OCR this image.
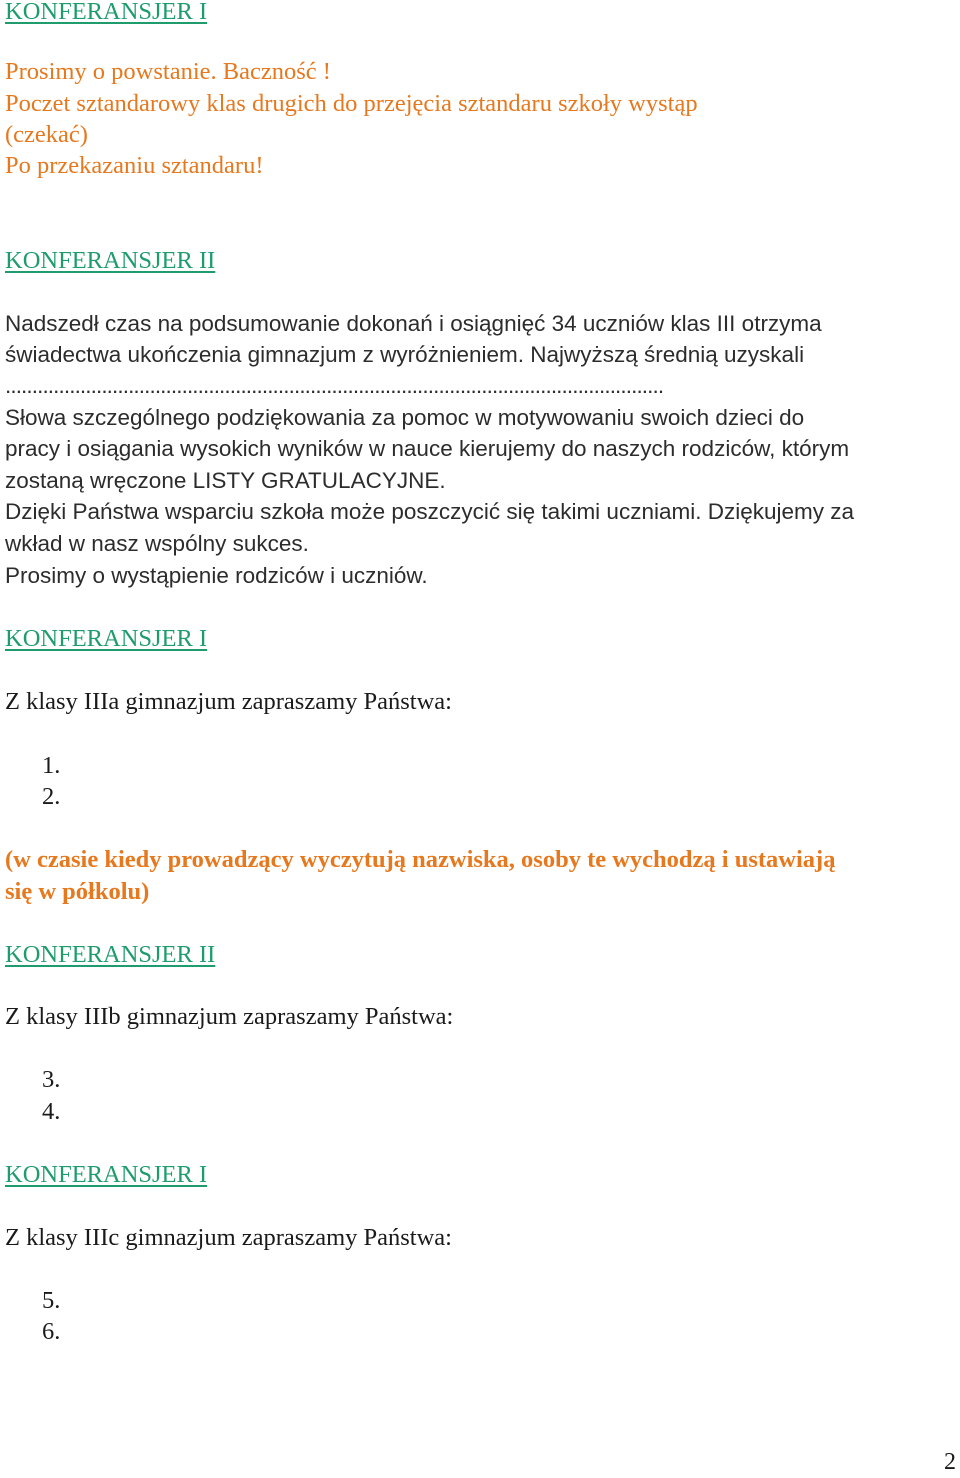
KONFERANSJER I
Prosimy o powstanie. Baczność !
Poczet sztandarowy klas drugich do przejęcia sztandaru szkoły wystąp
(czekać)
Po przekazaniu sztandaru!
KONFERANSJER II
Nadszedł czas na podsumowanie dokonań i osiągnięć 34 uczniów klas III otrzyma
świadectwa ukończenia gimnazjum z wyróżnieniem. Najwyższą średnią uzyskali
...........................................................................................................................
Słowa szczególnego podziękowania za pomoc w motywowaniu swoich dzieci do
pracy i osiągania wysokich wyników w nauce kierujemy do naszych rodziców, którym
zostaną wręczone LISTY GRATULACYJNE.
Dzięki Państwa wsparciu szkoła może poszczycić się takimi uczniami. Dziękujemy za
wkład w nasz wspólny sukces.
Prosimy o wystąpienie rodziców i uczniów.
KONFERANSJER I
Z klasy IIIa gimnazjum zapraszamy Państwa:
1.
2.
(w czasie kiedy prowadzący wyczytują nazwiska, osoby te wychodzą i ustawiają
się w półkolu)
KONFERANSJER II
Z klasy IIIb gimnazjum zapraszamy Państwa:
3.
4.
KONFERANSJER I
Z klasy IIIc gimnazjum zapraszamy Państwa:
5.
6.
2
